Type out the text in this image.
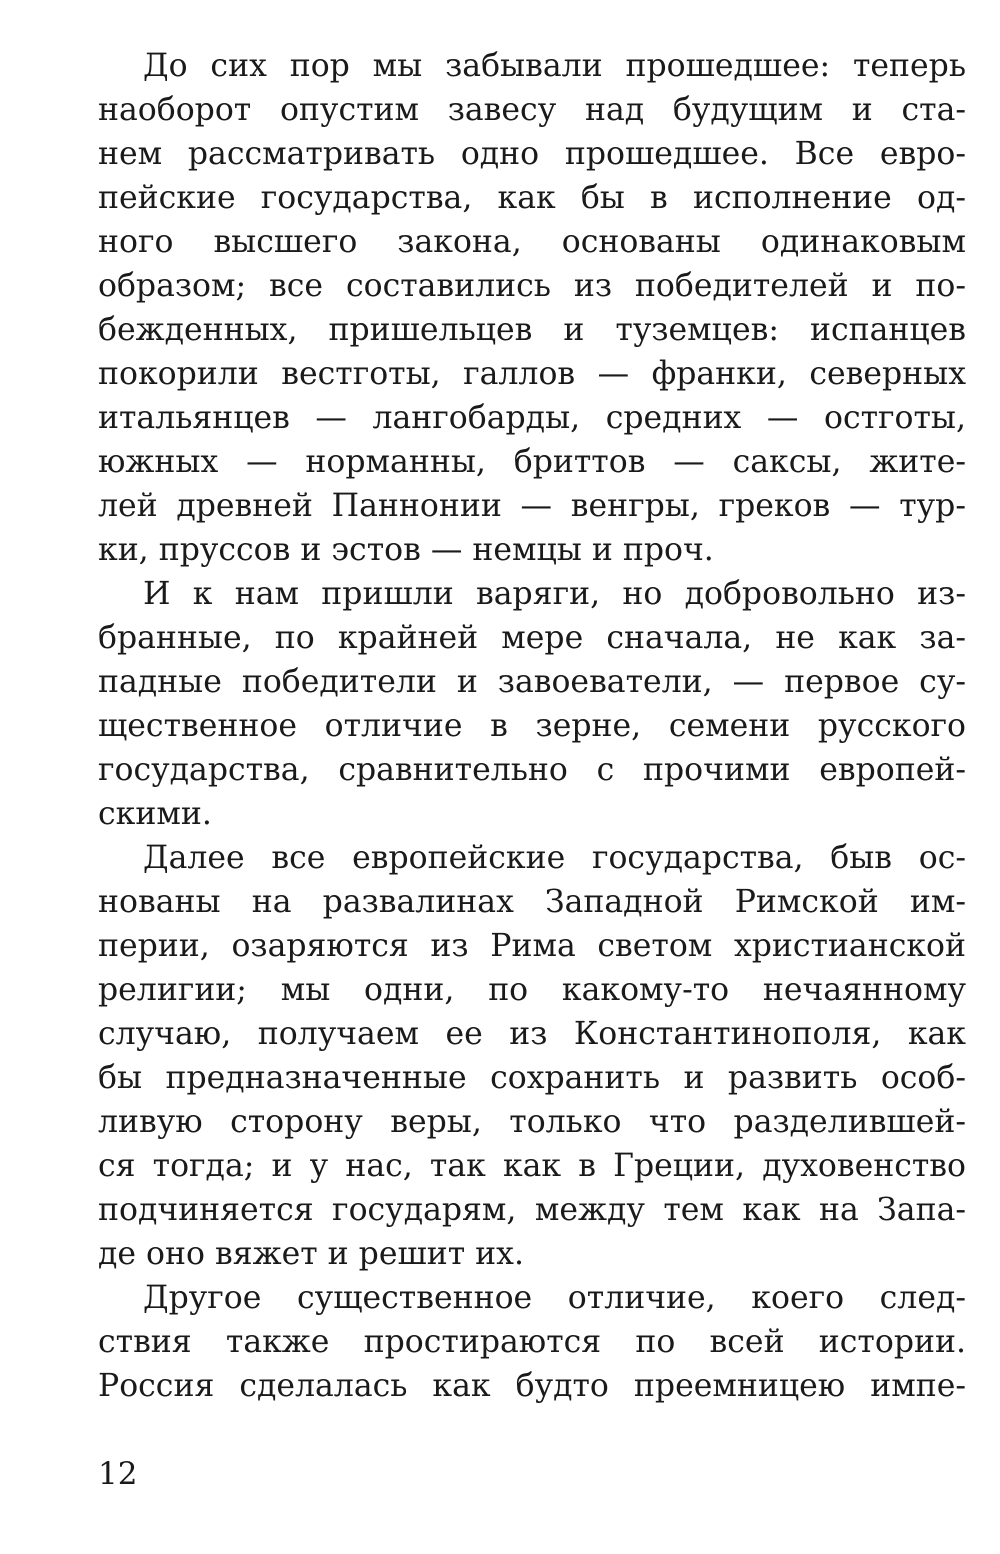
До сих пор мы забывали прошедшее: теперь
наоборот опустим завесу над будущим и ста-
нем рассматривать одно прошедшее. Все евро-
пейские государства, как бы в исполнение од-
ного высшего закона, основаны одинаковым
образом; все составились из победителей и по-
бежденных, пришельцев и туземцев: испанцев
покорили вестготы, галлов — франки, северных
итальянцев — лангобарды, средних — остготы,
южных — норманны, бриттов — саксы, жите-
лей древней Паннонии — венгры, греков — тур-
ки, пруссов и эстов — немцы и проч.
И к нам пришли варяги, но добровольно из-
бранные, по крайней мере сначала, не как за-
падные победители и завоеватели, — первое су-
щественное отличие в зерне, семени русского
государства, сравнительно с прочими европей-
скими.
Далее все европейские государства, быв ос-
нованы на развалинах Западной Римской им-
перии, озаряются из Рима светом христианской
религии; мы одни, по какому-то нечаянному
случаю, получаем ее из Константинополя, как
бы предназначенные сохранить и развить особ-
ливую сторону веры, только что разделившей-
ся тогда; и у нас, так как в Греции, духовенство
подчиняется государям, между тем как на Запа-
де оно вяжет и решит их.
Другое существенное отличие, коего след-
ствия также простираются по всей истории.
Россия сделалась как будто преемницею импе-
12
